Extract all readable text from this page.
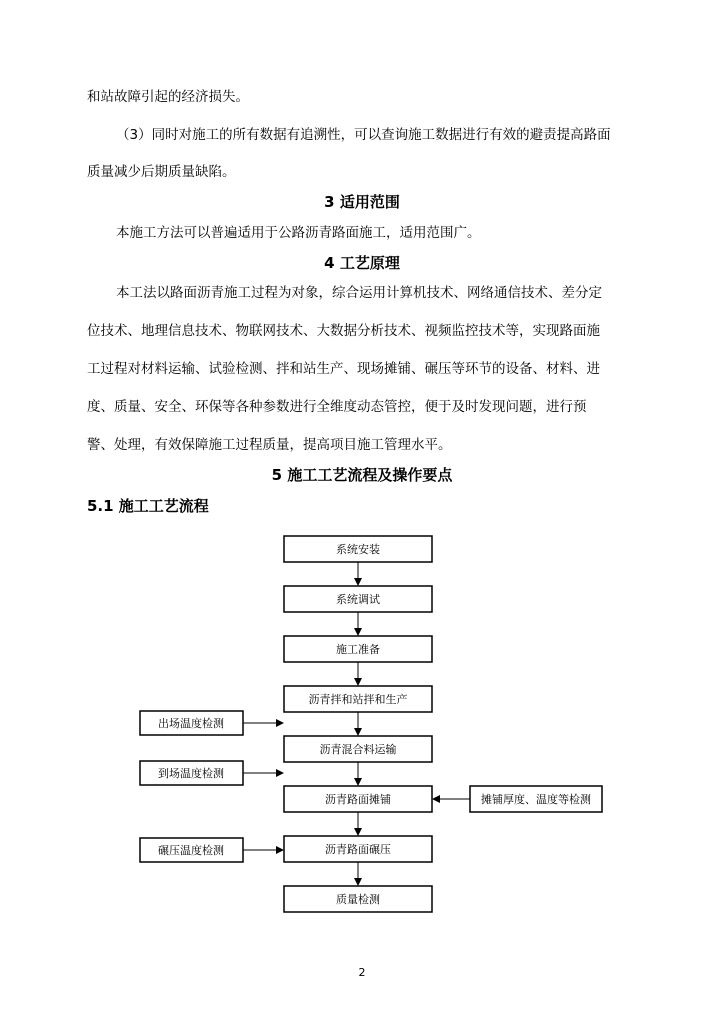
和站故障引起的经济损失。
（3）同时对施工的所有数据有追溯性，可以查询施工数据进行有效的避责提高路面
质量减少后期质量缺陷。
3 适用范围
本施工方法可以普遍适用于公路沥青路面施工，适用范围广。
4 工艺原理
本工法以路面沥青施工过程为对象，综合运用计算机技术、网络通信技术、差分定
位技术、地理信息技术、物联网技术、大数据分析技术、视频监控技术等，实现路面施
工过程对材料运输、试验检测、拌和站生产、现场摊铺、碾压等环节的设备、材料、进
度、质量、安全、环保等各种参数进行全维度动态管控，便于及时发现问题，进行预
警、处理，有效保障施工过程质量，提高项目施工管理水平。
5 施工工艺流程及操作要点
5.1 施工工艺流程
系统安装
系统调试
施工准备
沥青拌和站拌和生产
沥青混合料运输
沥青路面摊铺
沥青路面碾压
质量检测
出场温度检测
到场温度检测
碾压温度检测
摊铺厚度、温度等检测
2
